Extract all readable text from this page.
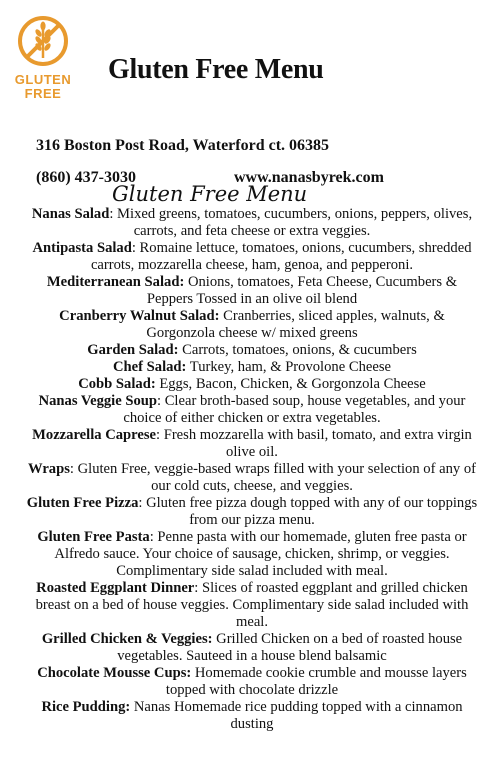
GLUTEN
FREE
Gluten Free Menu
316 Boston Post Road, Waterford ct. 06385
(860) 437-3030	www.nanasbyrek.com
Gluten Free Menu

Nanas Salad: Mixed greens, tomatoes, cucumbers, onions, peppers, olives, carrots, and feta cheese or extra veggies.

Antipasta Salad: Romaine lettuce, tomatoes, onions, cucumbers, shredded carrots, mozzarella cheese, ham, genoa, and pepperoni.

Mediterranean Salad: Onions, tomatoes, Feta Cheese, Cucumbers & Peppers Tossed in an olive oil blend

Cranberry Walnut Salad: Cranberries, sliced apples, walnuts, & Gorgonzola cheese w/ mixed greens

Garden Salad: Carrots, tomatoes, onions, & cucumbers

Chef Salad: Turkey, ham, & Provolone Cheese

Cobb Salad: Eggs, Bacon, Chicken, & Gorgonzola Cheese

Nanas Veggie Soup: Clear broth-based soup, house vegetables, and your choice of either chicken or extra vegetables.

Mozzarella Caprese: Fresh mozzarella with basil, tomato, and extra virgin olive oil.

Wraps: Gluten Free, veggie-based wraps filled with your selection of any of our cold cuts, cheese, and veggies.

Gluten Free Pizza: Gluten free pizza dough topped with any of our toppings from our pizza menu.

Gluten Free Pasta: Penne pasta with our homemade, gluten free pasta or Alfredo sauce. Your choice of sausage, chicken, shrimp, or veggies. Complimentary side salad included with meal.

Roasted Eggplant Dinner: Slices of roasted eggplant and grilled chicken breast on a bed of house veggies. Complimentary side salad included with meal.

Grilled Chicken & Veggies: Grilled Chicken on a bed of roasted house vegetables. Sauteed in a house blend balsamic

Chocolate Mousse Cups: Homemade cookie crumble and mousse layers topped with chocolate drizzle

Rice Pudding: Nanas Homemade rice pudding topped with a cinnamon dusting
